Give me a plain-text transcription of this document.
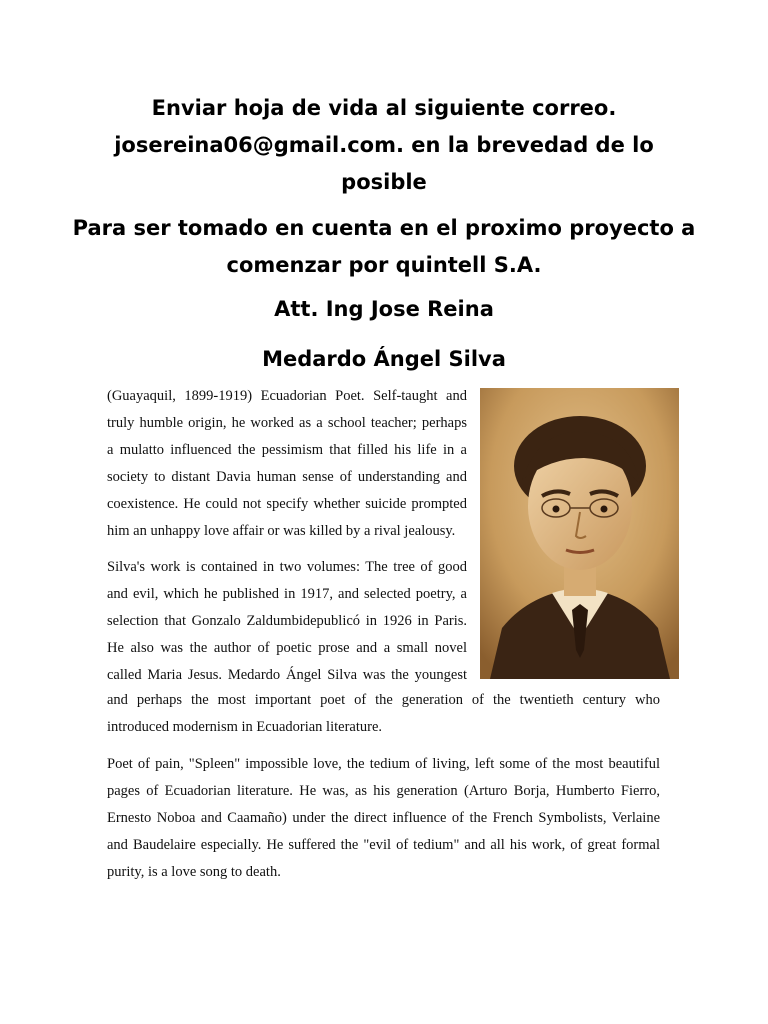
Enviar hoja de vida al siguiente correo.
josereina06@gmail.com. en la brevedad de lo
posible
Para ser tomado en cuenta en el proximo proyecto a
comenzar por quintell S.A.
Att. Ing Jose Reina
Medardo Ángel Silva

(Guayaquil, 1899-1919) Ecuadorian Poet. Self-taught and
truly humble origin, he worked as a school teacher; perhaps
a mulatto influenced the pessimism that filled his life in a
society to distant Davia human sense of understanding and
coexistence. He could not specify whether suicide prompted
him an unhappy love affair or was killed by a rival jealousy.

Silva's work is contained in two volumes: The tree of good
and evil, which he published in 1917, and selected poetry, a
selection that Gonzalo Zaldumbidepublicó in 1926 in Paris.
He also was the author of poetic prose and a small novel
called Maria Jesus. Medardo Ángel Silva was the youngest

and perhaps the most important poet of the generation of the twentieth century who
introduced modernism in Ecuadorian literature.

Poet of pain, "Spleen" impossible love, the tedium of living, left some of the most beautiful
pages of Ecuadorian literature. He was, as his generation (Arturo Borja, Humberto Fierro,
Ernesto Noboa and Caamaño) under the direct influence of the French Symbolists, Verlaine
and Baudelaire especially. He suffered the "evil of tedium" and all his work, of great formal
purity, is a love song to death.
